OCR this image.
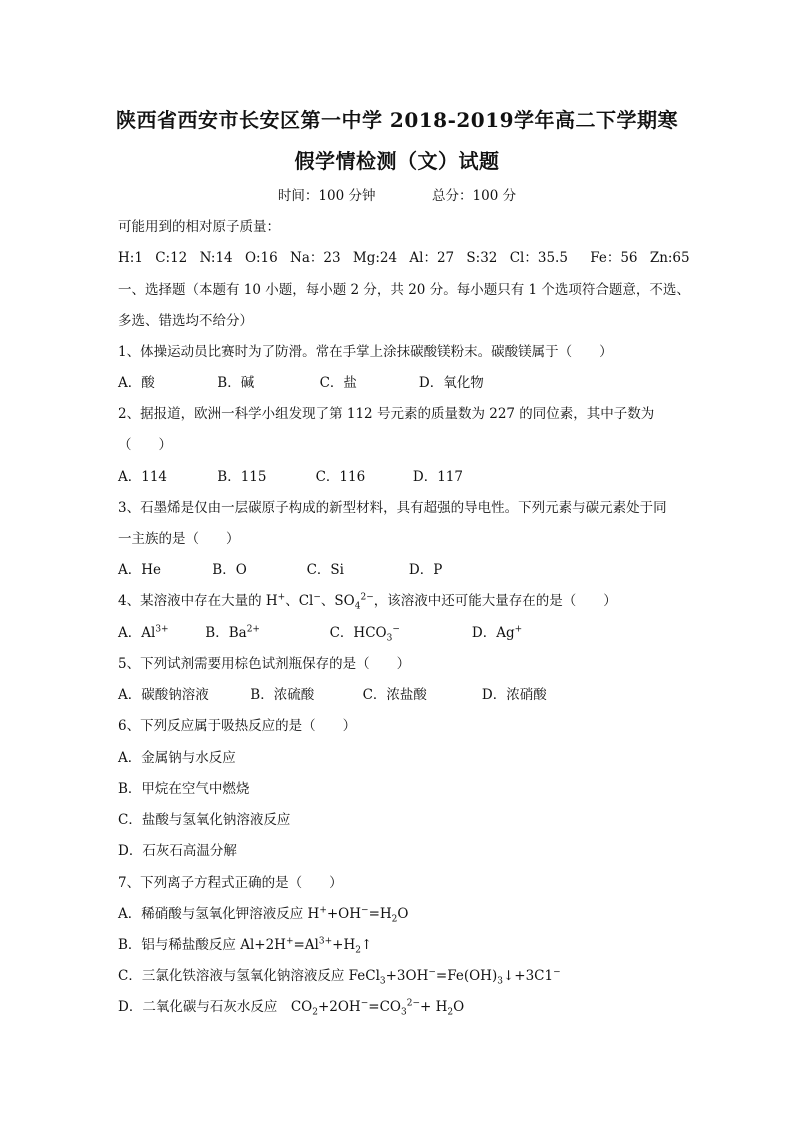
陕西省西安市长安区第一中学 2018-2019学年高二下学期寒
假学情检测（文）试题
时间：100 分钟	总分：100 分
可能用到的相对原子质量：
H:1 C:12 N:14 O:16 Na：23 Mg:24 Al：27 S:32 Cl：35.5 Fe：56 Zn:65
一、选择题（本题有 10 小题，每小题 2 分，共 20 分。每小题只有 1 个选项符合题意，不选、
多选、错选均不给分）
1、体操运动员比赛时为了防滑。常在手掌上涂抹碳酸镁粉末。碳酸镁属于（　　）
A．酸	B．碱	C．盐	D．氧化物
2、据报道，欧洲一科学小组发现了第 112 号元素的质量数为 227 的同位素，其中子数为
（　　）
A．114	B．115	C．116	D．117
3、石墨烯是仅由一层碳原子构成的新型材料，具有超强的导电性。下列元素与碳元素处于同
一主族的是（　　）
A．He	B．O	C．Si	D．P
4、某溶液中存在大量的 H+、Cl−、$SO_4^{2-}$，该溶液中还可能大量存在的是（　　）
A．$Al^{3+}$	B．$Ba^{2+}$	C．$HCO_3^-$	D．Ag+
5、下列试剂需要用棕色试剂瓶保存的是（　　）
A．碳酸钠溶液	B．浓硫酸	C．浓盐酸	D．浓硝酸
6、下列反应属于吸热反应的是（　　）
A．金属钠与水反应
B．甲烷在空气中燃烧
C．盐酸与氢氧化钠溶液反应
D．石灰石高温分解
7、下列离子方程式正确的是（　　）
A．稀硝酸与氢氧化钾溶液反应 $H^++OH^-=H_2O$
B．铝与稀盐酸反应 $Al+2H^+=Al^{3+}+H_2↑$
C．三氯化铁溶液与氢氧化钠溶液反应 $FeCl_3+3OH^-=Fe(OH)_3↓+3C1^-$
D．二氧化碳与石灰水反应　$CO_2+2OH^-=CO_3^{2-}+ H_2O$
